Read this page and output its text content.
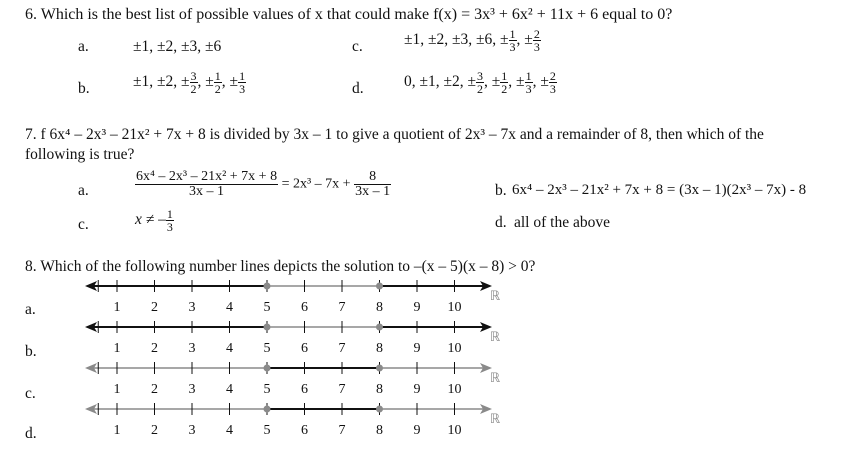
6. Which is the best list of possible values of x that could make f(x) = 3x³ + 6x² + 11x + 6 equal to 0?
a.	±1, ±2, ±3, ±6
b.	±1, ±2, ± $\frac{3}{2}$ , ± $\frac{1}{2}$ , ± $\frac{1}{3}$
c.	±1, ±2, ±3, ±6, ± $\frac{1}{3}$ , ± $\frac{2}{3}$
d.	0, ±1, ±2, ± $\frac{3}{2}$ , ± $\frac{1}{2}$ , ± $\frac{1}{3}$ , ± $\frac{2}{3}$
7. f 6x⁴ – 2x³ – 21x² + 7x + 8 is divided by 3x – 1 to give a quotient of 2x³ – 7x and a remainder of 8, then which of the
following is true?
a.	$\frac{\text{6x⁴ – 2x³ – 21x² + 7x + 8}}{3x - 1} = 2x^3 - 7x + \frac{8}{3x - 1}$	b. 6x⁴ – 2x³ – 21x² + 7x + 8 = (3x – 1)(2x³ – 7x) - 8
c.	x ≠ – $\frac{1}{3}$	d. all of the above
8. Which of the following number lines depicts the solution to –(x – 5)(x – 8) > 0?
a.
b.
c.
d.
1 2 3 4 5 6 7 8 9 10
ℝ
1 2 3 4 5 6 7 8 9 10
ℝ
1 2 3 4 5 6 7 8 9 10
ℝ
1 2 3 4 5 6 7 8 9 10
ℝ
